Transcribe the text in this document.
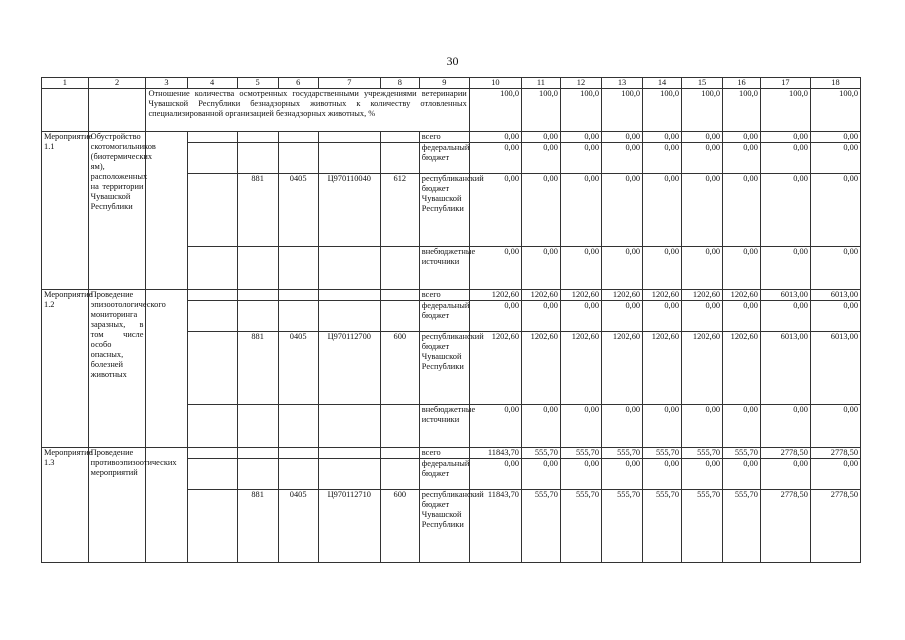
30
1	2	3	4	5	6	7	8	9	10	11	12	13	14	15	16	17	18
		Отношение количества осмотренных государственными учреждениями ветеринарии Чувашской Республики безнадзорных животных к количеству отловленных специализированной организацией безнадзорных животных, %							100,0	100,0	100,0	100,0	100,0	100,0	100,0	100,0	100,0
Мероприятие 1.1	Обустройство скотомогильников (биотермических ям), расположенных на территории Чувашской Республики							всего	0,00	0,00	0,00	0,00	0,00	0,00	0,00	0,00	0,00
								федеральный бюджет	0,00	0,00	0,00	0,00	0,00	0,00	0,00	0,00	0,00
				881	0405	Ц970110040	612	республиканский бюджет Чувашской Республики	0,00	0,00	0,00	0,00	0,00	0,00	0,00	0,00	0,00
								внебюджетные источники	0,00	0,00	0,00	0,00	0,00	0,00	0,00	0,00	0,00
Мероприятие 1.2	Проведение эпизоотологического мониторинга заразных, в том числе особо опасных, болезней животных							всего	1202,60	1202,60	1202,60	1202,60	1202,60	1202,60	1202,60	6013,00	6013,00
								федеральный бюджет	0,00	0,00	0,00	0,00	0,00	0,00	0,00	0,00	0,00
				881	0405	Ц970112700	600	республиканский бюджет Чувашской Республики	1202,60	1202,60	1202,60	1202,60	1202,60	1202,60	1202,60	6013,00	6013,00
								внебюджетные источники	0,00	0,00	0,00	0,00	0,00	0,00	0,00	0,00	0,00
Мероприятие 1.3	Проведение противоэпизоотических мероприятий							всего	11843,70	555,70	555,70	555,70	555,70	555,70	555,70	2778,50	2778,50
								федеральный бюджет	0,00	0,00	0,00	0,00	0,00	0,00	0,00	0,00	0,00
				881	0405	Ц970112710	600	республиканский бюджет Чувашской Республики	11843,70	555,70	555,70	555,70	555,70	555,70	555,70	2778,50	2778,50
